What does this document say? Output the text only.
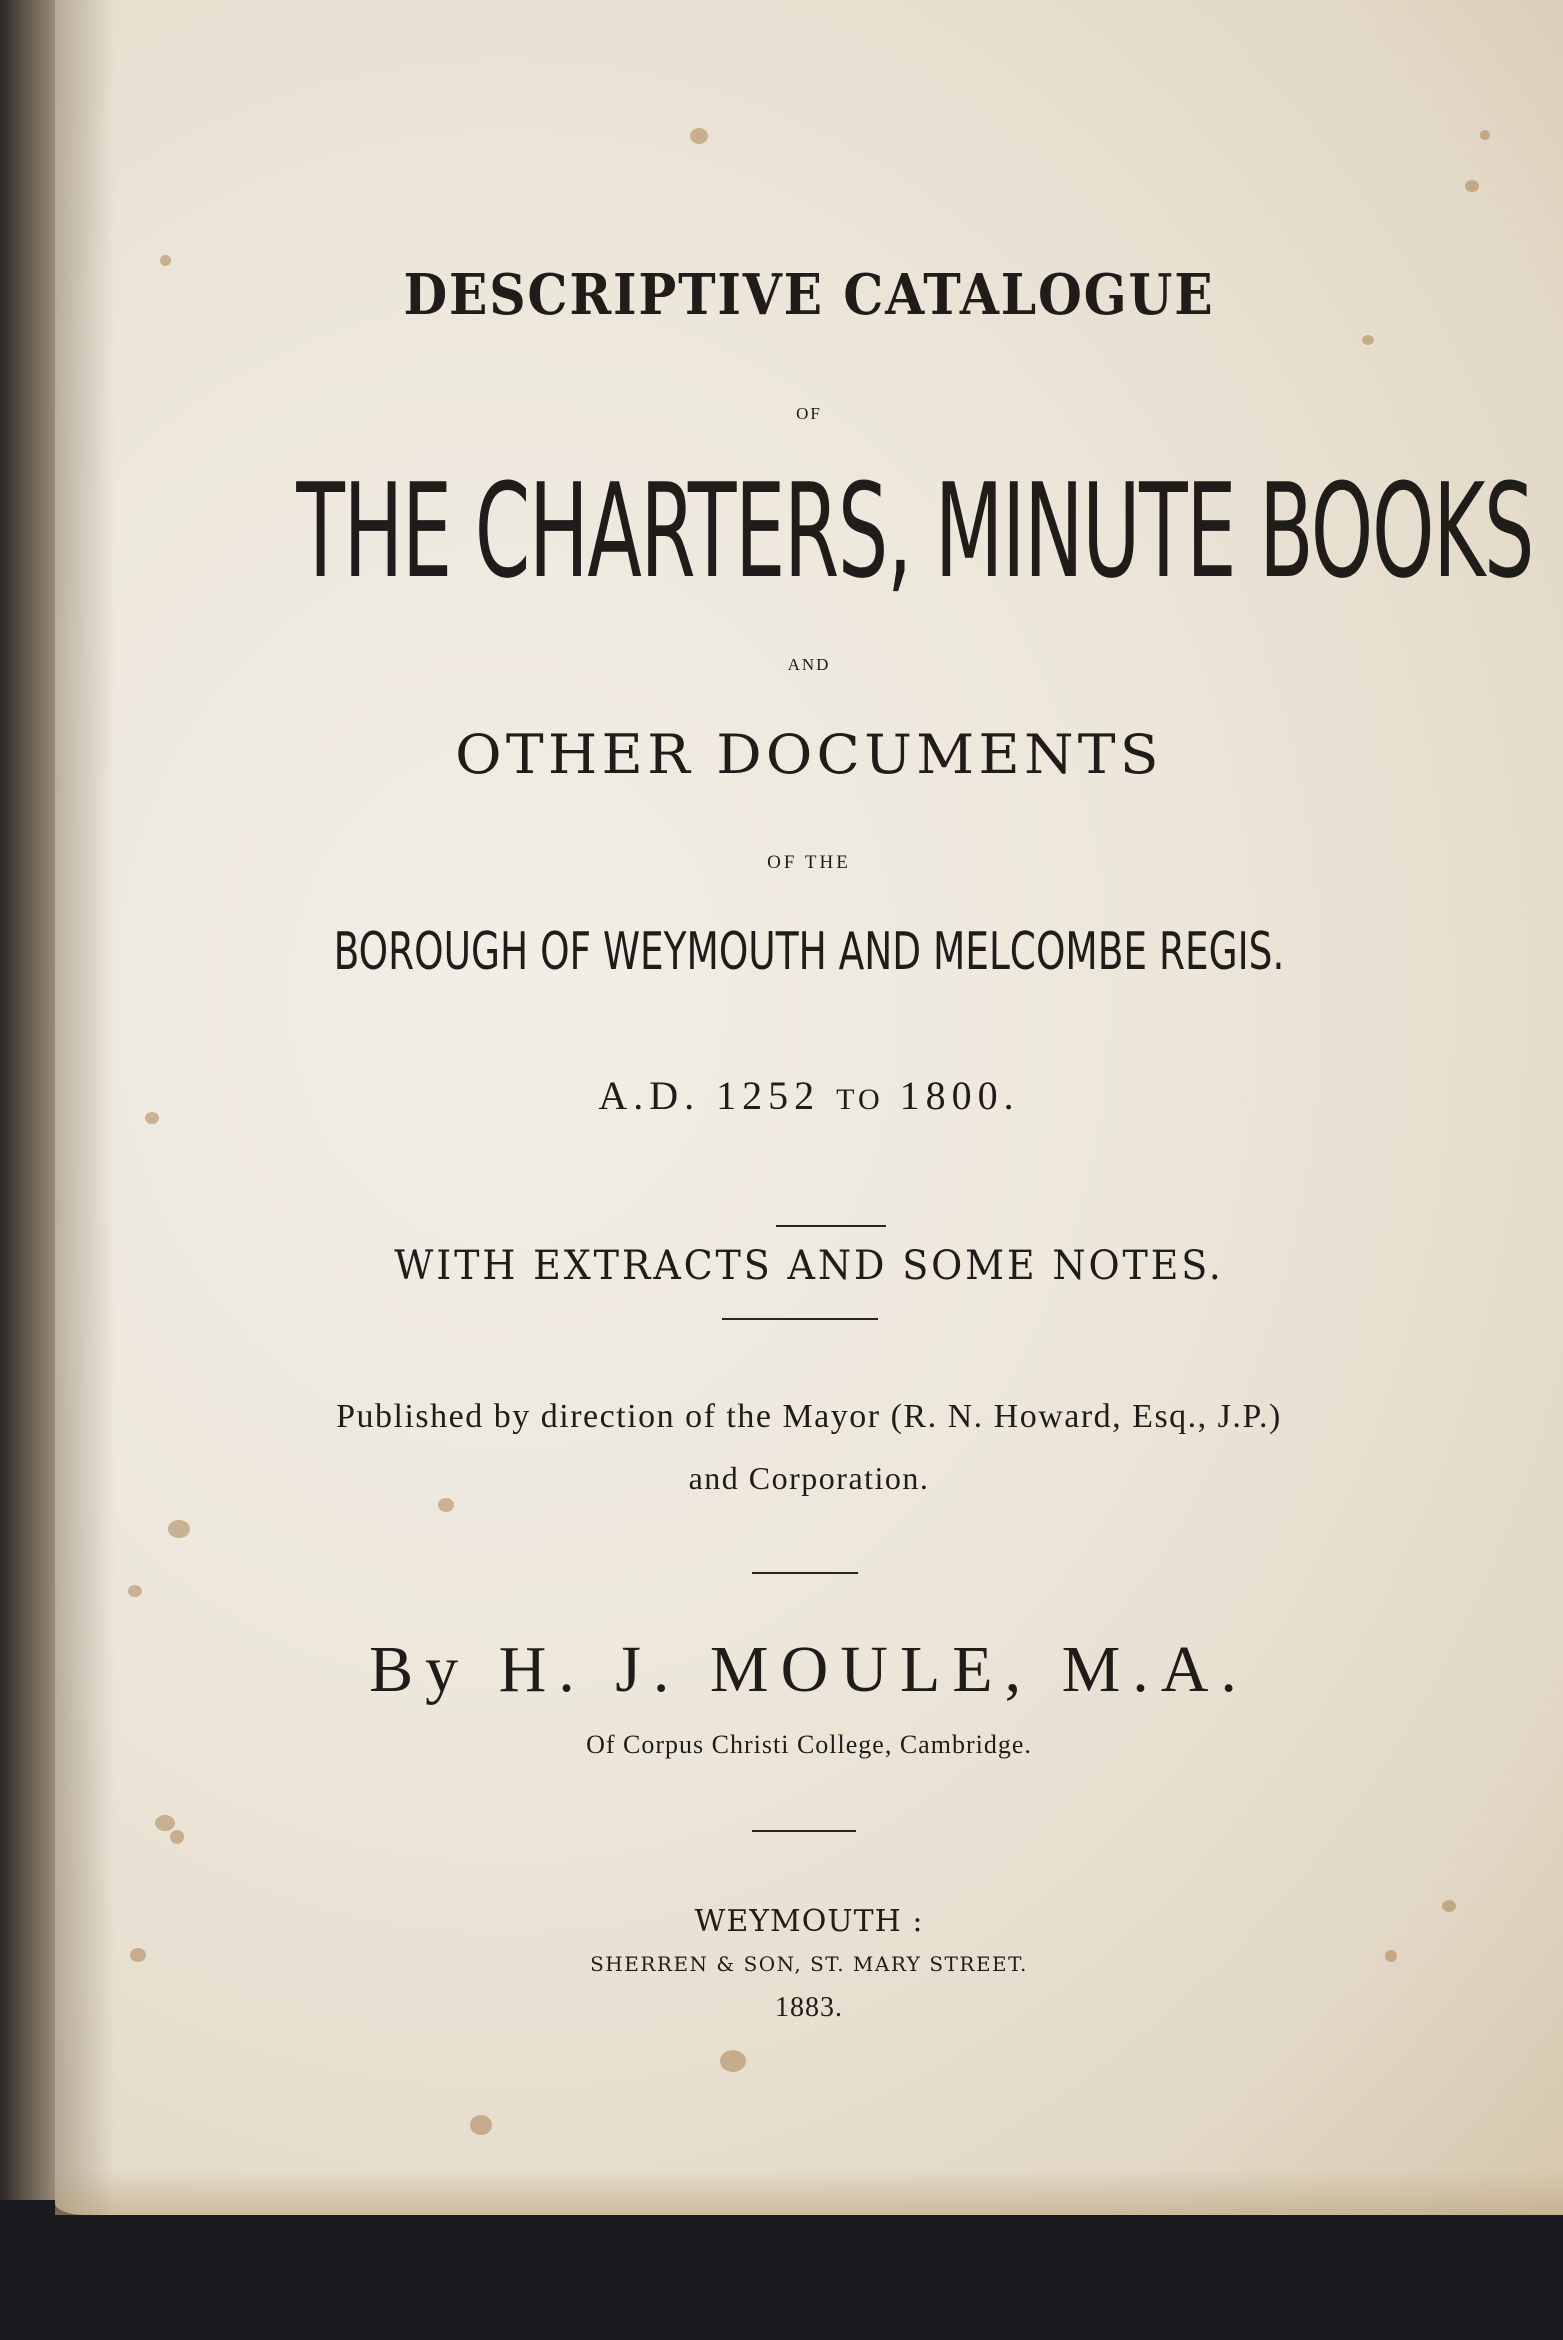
DESCRIPTIVE CATALOGUE
OF
THE CHARTERS, MINUTE BOOKS
AND
OTHER DOCUMENTS
OF THE
BOROUGH OF WEYMOUTH AND MELCOMBE REGIS.
A.D. 1252 TO 1800.
WITH EXTRACTS AND SOME NOTES.
Published by direction of the Mayor (R. N. Howard, Esq., J.P.)
and Corporation.
By H. J. MOULE, M.A.
Of Corpus Christi College, Cambridge.
WEYMOUTH :
SHERREN & SON, ST. MARY STREET.
1883.
